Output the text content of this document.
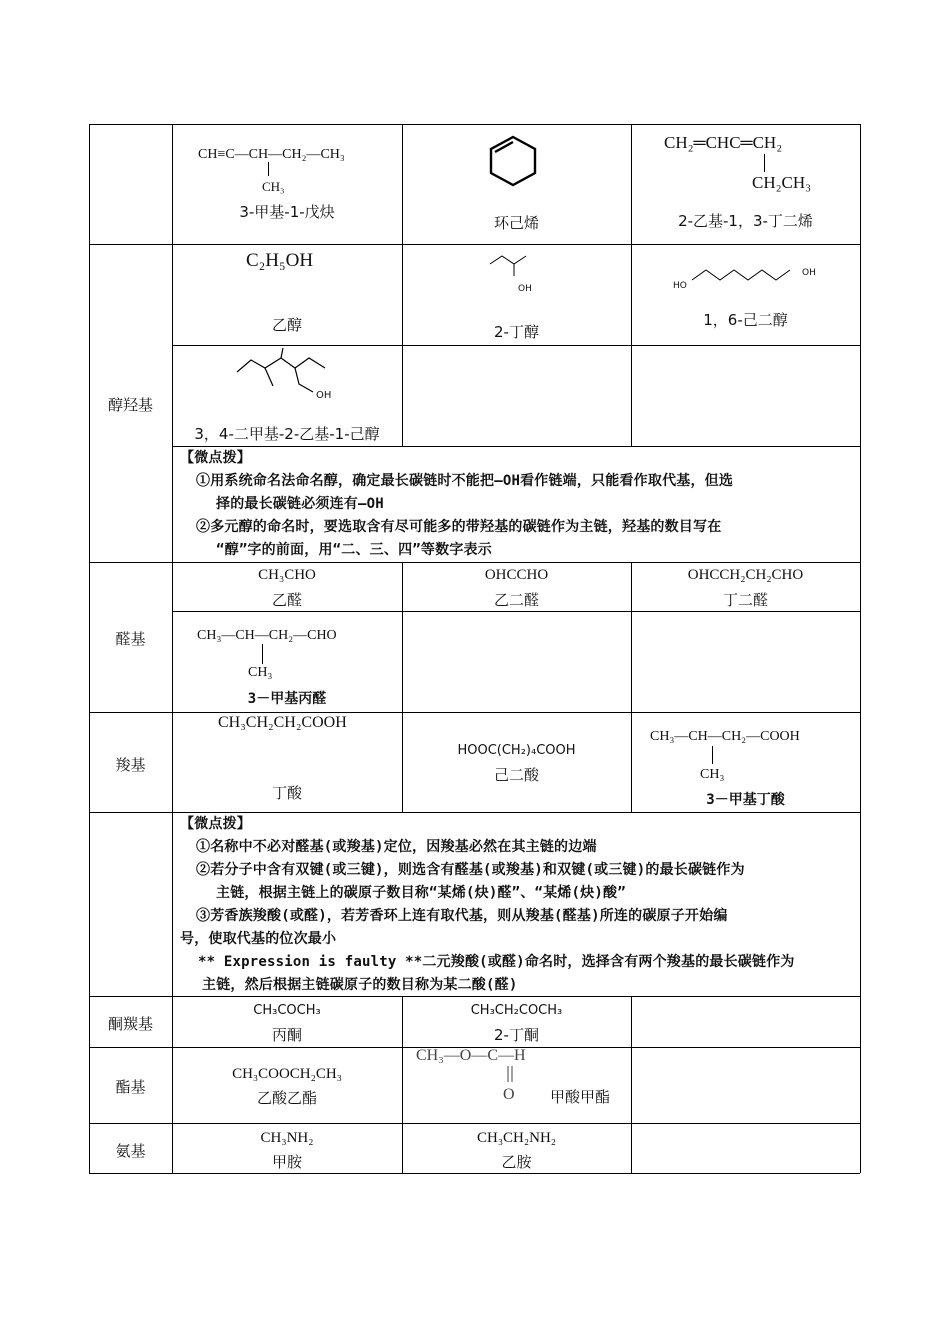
CH≡C—CH—CH₂—CH₃
CH₃
3-甲基-1-戊炔
环己烯
CH₂═CHC═CH₂
CH₂CH₃
2-乙基-1，3-丁二烯
醇羟基
C₂H₅OH
乙醇
OH
2-丁醇
HO
OH
1，6-己二醇
OH
3，4-二甲基-2-乙基-1-己醇
【微点拨】
①用系统命名法命名醇，确定最长碳链时不能把—OH看作链端，只能看作取代基，但选
择的最长碳链必须连有—OH
②多元醇的命名时，要选取含有尽可能多的带羟基的碳链作为主链，羟基的数目写在
“醇”字的前面，用“二、三、四”等数字表示
醛基
CH₃CHO
乙醛
OHCCHO
乙二醛
OHCCH₂CH₂CHO
丁二醛
CH₃—CH—CH₂—CHO
CH₃
3－甲基丙醛
羧基
CH₃CH₂CH₂COOH
丁酸
HOOC(CH₂)₄COOH
己二酸
CH₃—CH—CH₂—COOH
CH₃
3－甲基丁酸
【微点拨】
①名称中不必对醛基(或羧基)定位，因羧基必然在其主链的边端
②若分子中含有双键(或三键)，则选含有醛基(或羧基)和双键(或三键)的最长碳链作为
主链，根据主链上的碳原子数目称“某烯(炔)醛”、“某烯(炔)酸”
③芳香族羧酸(或醛)，若芳香环上连有取代基，则从羧基(醛基)所连的碳原子开始编
号，使取代基的位次最小
** Expression is faulty **二元羧酸(或醛)命名时，选择含有两个羧基的最长碳链作为
主链，然后根据主链碳原子的数目称为某二酸(醛)
酮羰基
CH₃COCH₃
丙酮
CH₃CH₂COCH₃
2-丁酮
酯基
CH₃COOCH₂CH₃
乙酸乙酯
CH₃—O—C—H
O 甲酸甲酯
氨基
CH₃NH₂
甲胺
CH₃CH₂NH₂
乙胺
